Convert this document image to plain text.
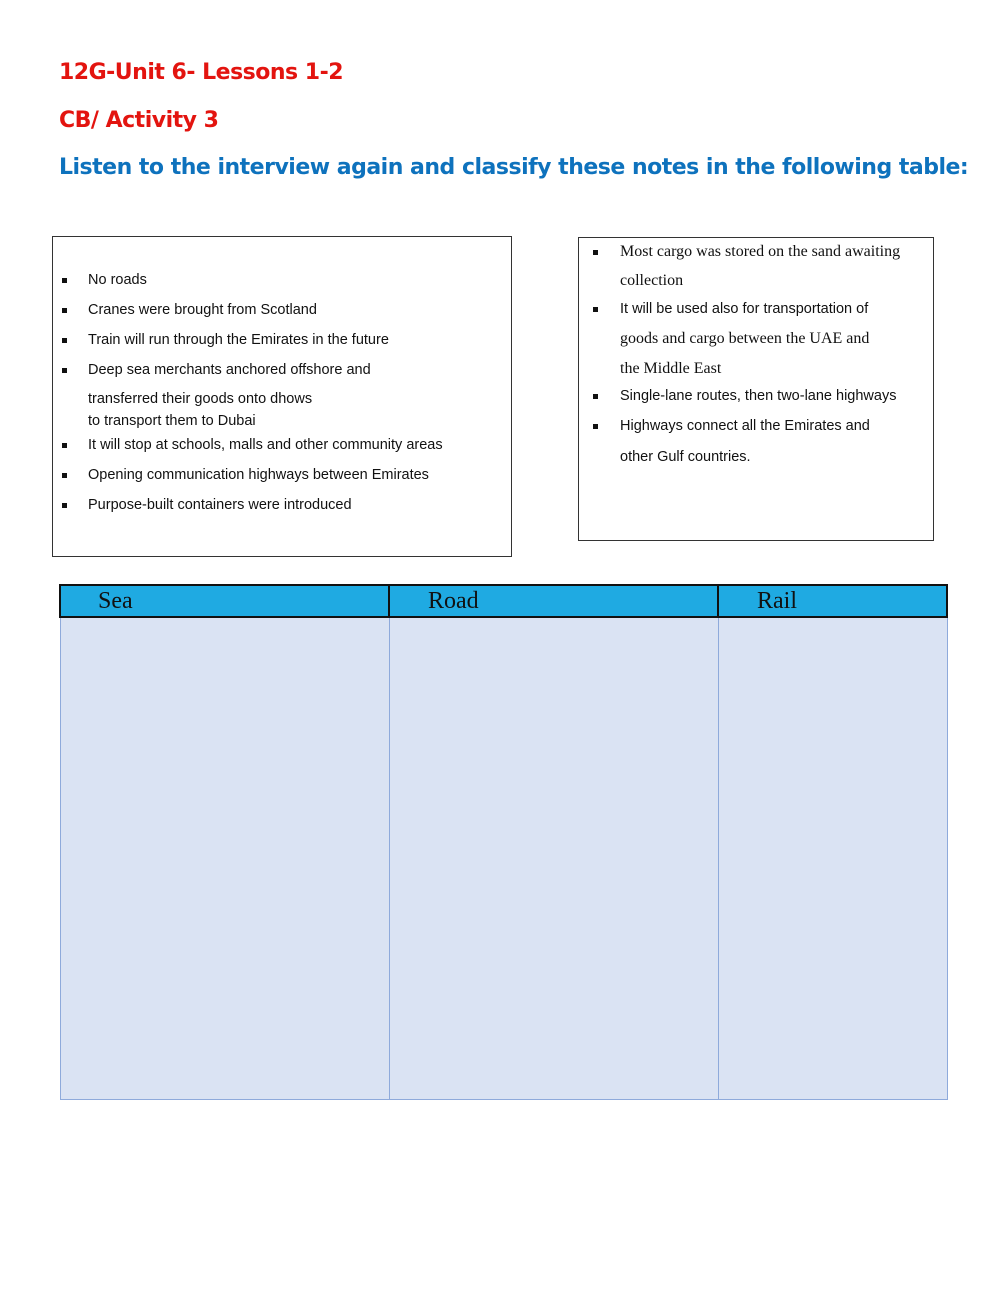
12G-Unit 6- Lessons 1-2
CB/ Activity 3
Listen to the interview again and classify these notes in the following table:
No roads
Cranes were brought from Scotland
Train will run through the Emirates in the future
Deep sea merchants anchored offshore and
transferred their goods onto dhows
to transport them to Dubai
It will stop at schools, malls and other community areas
Opening communication highways between Emirates
Purpose-built containers were introduced
Most cargo was stored on the sand awaiting
collection
It will be used also for transportation of
goods and cargo between the UAE and
the Middle East
Single-lane routes, then two-lane highways
Highways connect all the Emirates and
other Gulf countries.
Sea	Road	Rail
